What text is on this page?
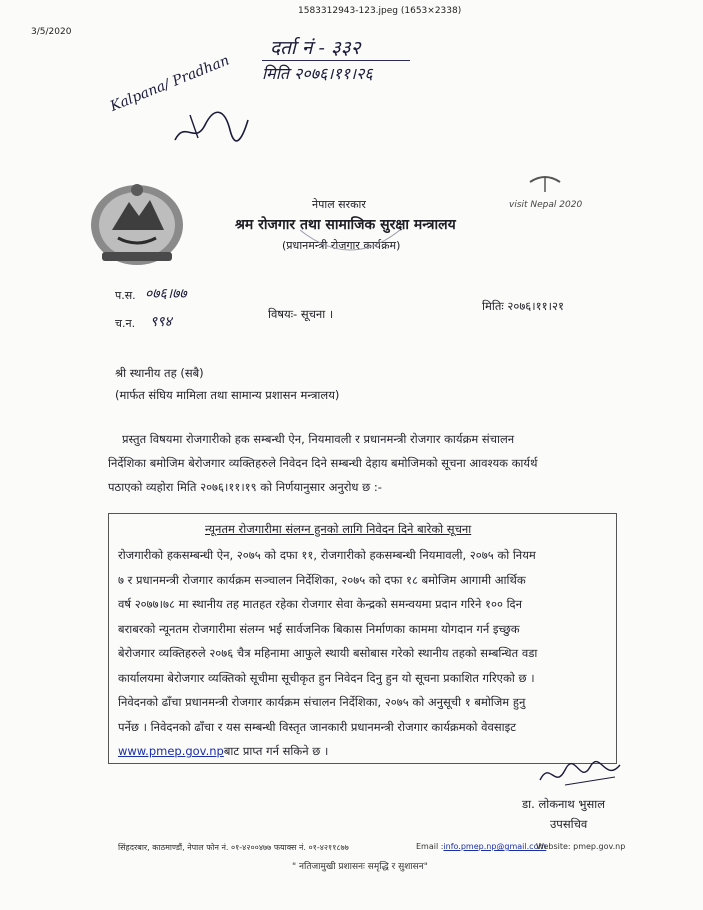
3/5/2020
1583312943-123.jpeg (1653×2338)
दर्ता नं - ३३२
मिति २०७६।११।२६
Kalpana/ Pradhan
नेपाल सरकार
श्रम रोजगार तथा सामाजिक सुरक्षा मन्त्रालय
(प्रधानमन्त्री रोजगार कार्यक्रम)
visit Nepal 2020
प.स. ०७६।७७
च.न. ९९४	विषयः- सूचना ।
मितिः २०७६।११।२१
श्री स्थानीय तह (सबै)
(मार्फत संघिय मामिला तथा सामान्य प्रशासन मन्त्रालय)
प्रस्तुत विषयमा रोजगारीको हक सम्बन्धी ऐन, नियमावली र प्रधानमन्त्री रोजगार कार्यक्रम संचालन
निर्देशिका बमोजिम बेरोजगार व्यक्तिहरुले निवेदन दिने सम्बन्धी देहाय बमोजिमको सूचना आवश्यक कार्यर्थ
पठाएको व्यहोरा मिति २०७६।११।१९ को निर्णयानुसार अनुरोध छ :-
न्यूनतम रोजगारीमा संलग्न हुनको लागि निवेदन दिने बारेको सूचना
रोजगारीको हकसम्बन्धी ऐन, २०७५ को दफा ११, रोजगारीको हकसम्बन्धी नियमावली, २०७५ को नियम
७ र प्रधानमन्त्री रोजगार कार्यक्रम सञ्चालन निर्देशिका, २०७५ को दफा १८ बमोजिम आगामी आर्थिक
वर्ष २०७७।७८ मा स्थानीय तह मातहत रहेका रोजगार सेवा केन्द्रको समन्वयमा प्रदान गरिने १०० दिन
बराबरको न्यूनतम रोजगारीमा संलग्न भई सार्वजनिक बिकास निर्माणका काममा योगदान गर्न इच्छुक
बेरोजगार व्यक्तिहरुले २०७६ चैत्र महिनामा आफुले स्थायी बसोबास गरेको स्थानीय तहको सम्बन्धित वडा
कार्यालयमा बेरोजगार व्यक्तिको सूचीमा सूचीकृत हुन निवेदन दिनु हुन यो सूचना प्रकाशित गरिएको छ ।
निवेदनको ढाँचा प्रधानमन्त्री रोजगार कार्यक्रम संचालन निर्देशिका, २०७५ को अनुसूची १ बमोजिम हुनु
पर्नेछ । निवेदनको ढाँचा र यस सम्बन्धी विस्तृत जानकारी प्रधानमन्त्री रोजगार कार्यक्रमको वेवसाइट
www.pmep.gov.npबाट प्राप्त गर्न सकिने छ ।
डा. लोकनाथ भुसाल
उपसचिव
सिंहदरबार, काठमाण्डौं, नेपाल फोन नं. ०१-४२००४७७ फयाक्स नं. ०१-४२११८७७	Email :info.pmep.np@gmail.com
Website: pmep.gov.np
" नतिजामुखी प्रशासनः समृद्धि र सुशासन"
